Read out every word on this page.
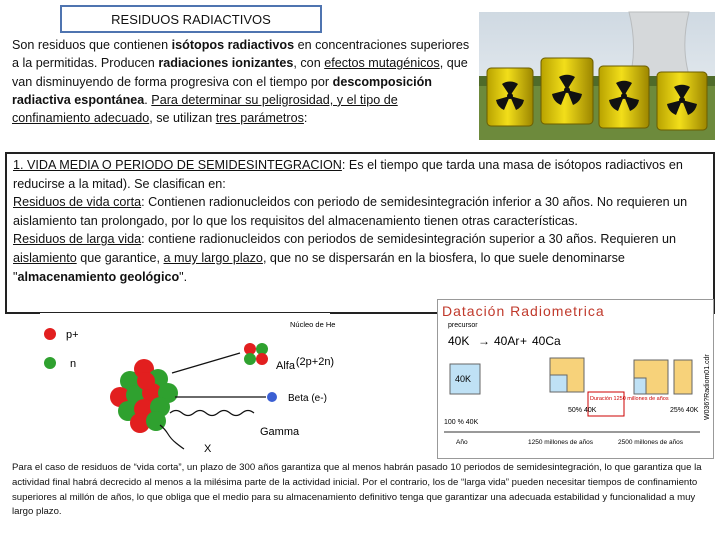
RESIDUOS RADIACTIVOS
Son residuos que contienen isótopos radiactivos en concentraciones superiores a la permitidas. Producen radiaciones ionizantes, con efectos mutagénicos, que van disminuyendo de forma progresiva con el tiempo por descomposición radiactiva espontánea. Para determinar su peligrosidad, y el tipo de confinamiento adecuado, se utilizan tres parámetros:
1. VIDA MEDIA O PERIODO DE SEMIDESINTEGRACION: Es el tiempo que tarda una masa de isótopos radiactivos en reducirse a la mitad). Se clasifican en:
Residuos de vida corta: Contienen radionucleidos con periodo de semidesintegración inferior a 30 años. No requieren un aislamiento tan prolongado, por lo que los requisitos del almacenamiento tienen otras características.
Residuos de larga vida: contiene radionucleidos con periodos de semidesintegración superior a 30 años. Requieren un aislamiento que garantice, a muy largo plazo, que no se dispersarán en la biosfera, lo que suele denominarse "almacenamiento geológico".
p+
n
Núcleo de He
Alfa (2p+2n)
Beta (e-)
Gamma
X
Datación Radiometrica
precursor
40K → 40Ar + 40Ca
40K
Duración 1250 millones de años
100 % 40K
50% 40K	25% 40K
Año	1250 millones de años	2500 millones de años
W036?Radiom01.cdr
Para el caso de residuos de “vida corta”, un plazo de 300 años garantiza que al menos habrán pasado 10 periodos de semidesintegración, lo que garantiza que la actividad final habrá decrecido al menos a la milésima parte de la actividad inicial. Por el contrario, los de “larga vida” pueden necesitar tiempos de confinamiento superiores al millón de años, lo que obliga que el medio para su almacenamiento definitivo tenga que garantizar una adecuada estabilidad y funcionalidad a muy largo plazo.
